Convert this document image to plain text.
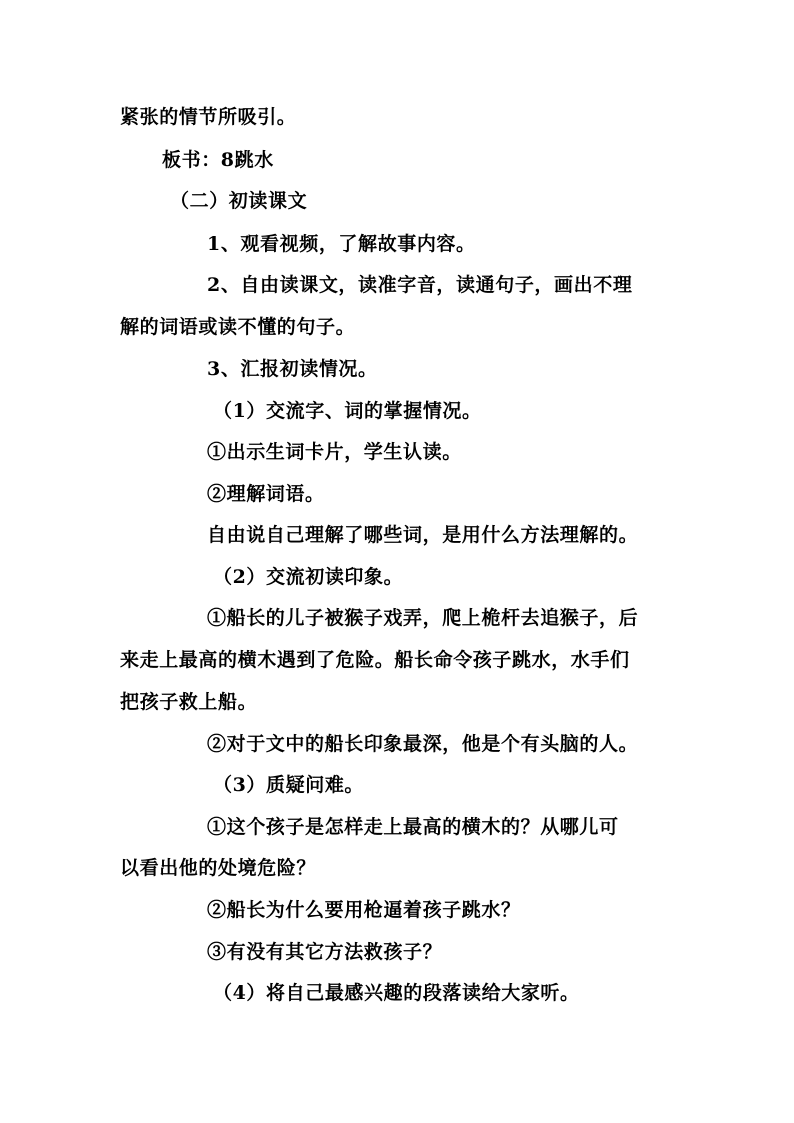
紧张的情节所吸引。
板书：8跳水
（二）初读课文
1、观看视频，了解故事内容。
2、自由读课文，读准字音，读通句子，画出不理
解的词语或读不懂的句子。
3、汇报初读情况。
（1）交流字、词的掌握情况。
①出示生词卡片，学生认读。
②理解词语。
自由说自己理解了哪些词，是用什么方法理解的。
（2）交流初读印象。
①船长的儿子被猴子戏弄，爬上桅杆去追猴子，后
来走上最高的横木遇到了危险。船长命令孩子跳水，水手们
把孩子救上船。
②对于文中的船长印象最深，他是个有头脑的人。
（3）质疑问难。
①这个孩子是怎样走上最高的横木的？从哪儿可
以看出他的处境危险？
②船长为什么要用枪逼着孩子跳水？
③有没有其它方法救孩子？
（4）将自己最感兴趣的段落读给大家听。
